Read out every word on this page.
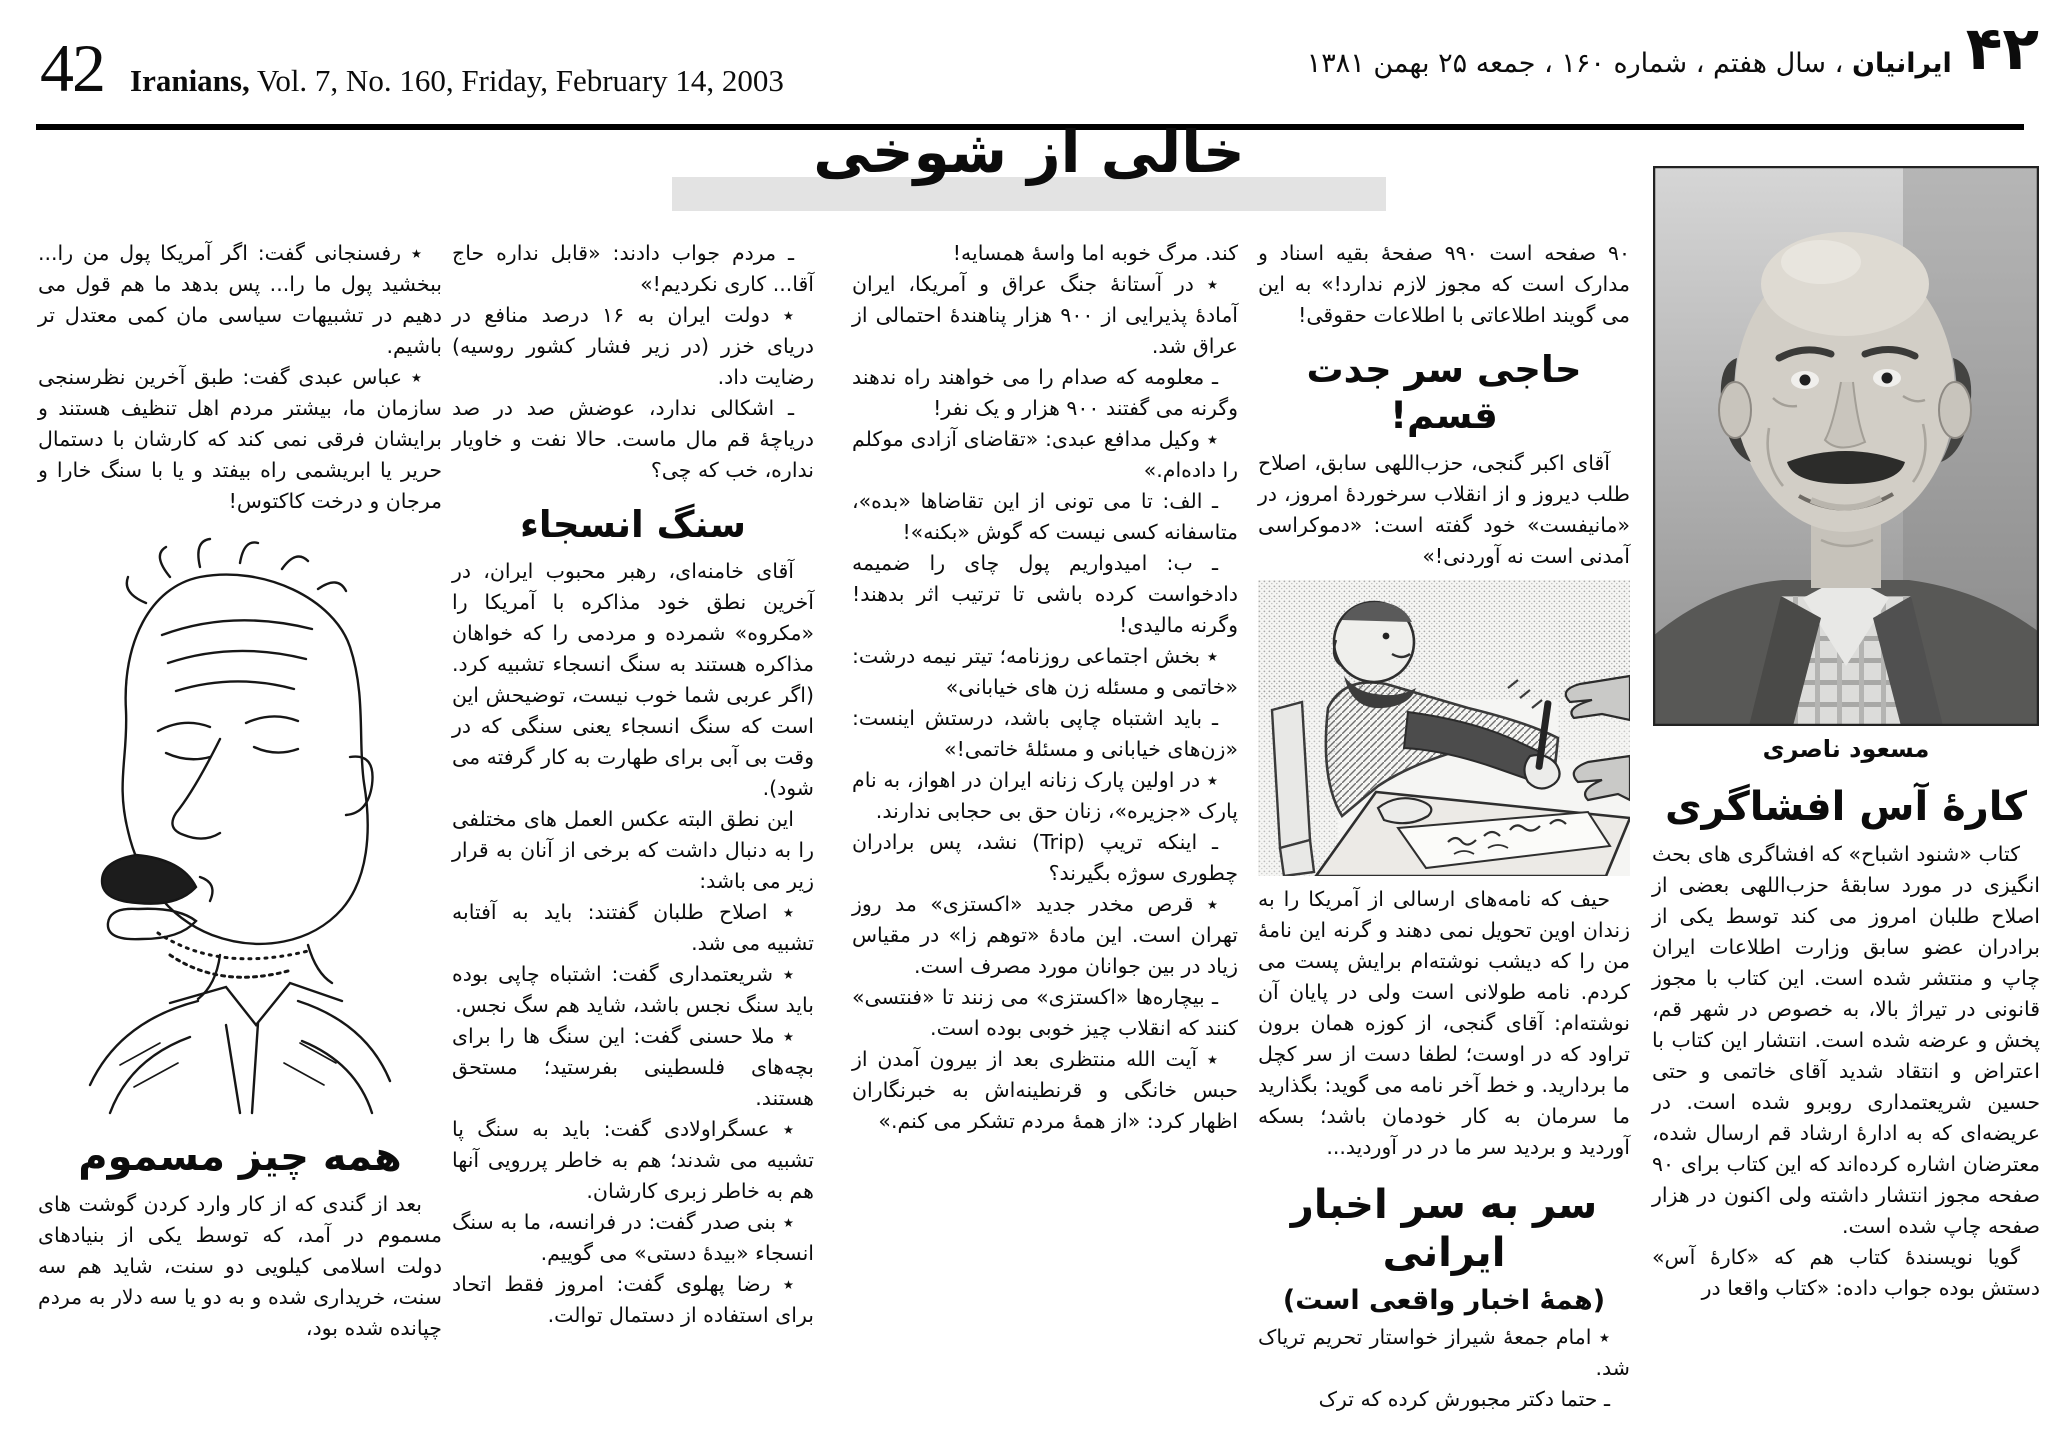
42 Iranians, Vol. 7, No. 160, Friday, February 14, 2003	۴۲
ایرانیان ، سال هفتم ، شماره ۱۶۰ ، جمعه ۲۵ بهمن ۱۳۸۱
خالی از شوخی

٭ رفسنجانی گفت: اگر آمریکا پول من را... ببخشید پول ما را... پس بدهد ما هم قول می دهیم در تشبیهات سیاسی مان کمی معتدل تر باشیم.

٭ عباس عبدی گفت: طبق آخرین نظرسنجی سازمان ما، بیشتر مردم اهل تنظیف هستند و برایشان فرقی نمی کند که کارشان با دستمال حریر یا ابریشمی راه بیفتد و یا با سنگ خارا و مرجان و درخت کاکتوس!

همه چیز مسموم

بعد از گندی که از کار وارد کردن گوشت های مسموم در آمد، که توسط یکی از بنیادهای دولت اسلامی کیلویی دو سنت، شاید هم سه سنت، خریداری شده و به دو یا سه دلار به مردم چپانده شده بود،

ـ مردم جواب دادند: «قابل نداره حاج آقا... کاری نکردیم!»

٭ دولت ایران به ۱۶ درصد منافع در دریای خزر (در زیر فشار کشور روسیه) رضایت داد.

ـ اشکالی ندارد، عوضش صد در صد دریاچهٔ قم مال ماست. حالا نفت و خاویار نداره، خب که چی؟

سنگ انسجاء

آقای خامنه‌ای، رهبر محبوب ایران، در آخرین نطق خود مذاکره با آمریکا را «مکروه» شمرده و مردمی را که خواهان مذاکره هستند به سنگ انسجاء تشبیه کرد. (اگر عربی شما خوب نیست، توضیحش این است که سنگ انسجاء یعنی سنگی که در وقت بی آبی برای طهارت به کار گرفته می شود).

این نطق البته عکس العمل های مختلفی را به دنبال داشت که برخی از آنان به قرار زیر می باشد:

٭ اصلاح طلبان گفتند: باید به آفتابه تشبیه می شد.

٭ شریعتمداری گفت: اشتباه چاپی بوده باید سنگ نجس باشد، شاید هم سگ نجس.

٭ ملا حسنی گفت: این سنگ ها را برای بچه‌های فلسطینی بفرستید؛ مستحق هستند.

٭ عسگراولادی گفت: باید به سنگ پا تشبیه می شدند؛ هم به خاطر پررویی آنها هم به خاطر زبری کارشان.

٭ بنی صدر گفت: در فرانسه، ما به سنگ انسجاء «بیدهٔ دستی» می گوییم.

٭ رضا پهلوی گفت: امروز فقط اتحاد برای استفاده از دستمال توالت.

کند. مرگ خوبه اما واسهٔ همسایه!

٭ در آستانهٔ جنگ عراق و آمریکا، ایران آمادهٔ پذیرایی از ۹۰۰ هزار پناهندهٔ احتمالی از عراق شد.

ـ معلومه که صدام را می خواهند راه ندهند وگرنه می گفتند ۹۰۰ هزار و یک نفر!

٭ وکیل مدافع عبدی: «تقاضای آزادی موکلم را داده‌ام.»

ـ الف: تا می تونی از این تقاضاها «بده»، متاسفانه کسی نیست که گوش «بکنه»!

ـ ب: امیدواریم پول چای را ضمیمه دادخواست کرده باشی تا ترتیب اثر بدهند! وگرنه مالیدی!

٭ بخش اجتماعی روزنامه؛ تیتر نیمه درشت: «خاتمی و مسئله زن های خیابانی»

ـ باید اشتباه چاپی باشد، درستش اینست: «زن‌های خیابانی و مسئلهٔ خاتمی!»

٭ در اولین پارک زنانه ایران در اهواز، به نام پارک «جزیره»، زنان حق بی حجابی ندارند.

ـ اینکه تریپ (Trip) نشد، پس برادران چطوری سوژه بگیرند؟

٭ قرص مخدر جدید «اکستزی» مد روز تهران است. این مادهٔ «توهم زا» در مقیاس زیاد در بین جوانان مورد مصرف است.

ـ بیچاره‌ها «اکستزی» می زنند تا «فنتسی» کنند که انقلاب چیز خوبی بوده است.

٭ آیت الله منتظری بعد از بیرون آمدن از حبس خانگی و قرنطینه‌اش به خبرنگاران اظهار کرد: «از همهٔ مردم تشکر می کنم.»

۹۰ صفحه است ۹۹۰ صفحهٔ بقیه اسناد و مدارک است که مجوز لازم ندارد!» به این می گویند اطلاعاتی با اطلاعات حقوقی!

حاجی سر جدت قسم!

آقای اکبر گنجی، حزب‌اللهی سابق، اصلاح طلب دیروز و از انقلاب سرخوردهٔ امروز، در «مانیفست» خود گفته است: «دموکراسی آمدنی است نه آوردنی!»

حیف که نامه‌های ارسالی از آمریکا را به زندان اوین تحویل نمی دهند و گرنه این نامهٔ من را که دیشب نوشته‌ام برایش پست می کردم. نامه طولانی است ولی در پایان آن نوشته‌ام: آقای گنجی، از کوزه همان برون تراود که در اوست؛ لطفا دست از سر کچل ما بردارید. و خط آخر نامه می گوید: بگذارید ما سرمان به کار خودمان باشد؛ بسکه آوردید و بردید سر ما در در آوردید...

سر به سر اخبار ایرانی
(همهٔ اخبار واقعی است)

٭ امام جمعهٔ شیراز خواستار تحریم تریاک شد.

ـ حتما دکتر مجبورش کرده که ترک

مسعود ناصری
کارهٔ آس افشاگری

کتاب «شنود اشباح» که افشاگری های بحث انگیزی در مورد سابقهٔ حزب‌اللهی بعضی از اصلاح طلبان امروز می کند توسط یکی از برادران عضو سابق وزارت اطلاعات ایران چاپ و منتشر شده است. این کتاب با مجوز قانونی در تیراژ بالا، به خصوص در شهر قم، پخش و عرضه شده است. انتشار این کتاب با اعتراض و انتقاد شدید آقای خاتمی و حتی حسین شریعتمداری روبرو شده است. در عریضه‌ای که به ادارهٔ ارشاد قم ارسال شده، معترضان اشاره کرده‌اند که این کتاب برای ۹۰ صفحه مجوز انتشار داشته ولی اکنون در هزار صفحه چاپ شده است.

گویا نویسندهٔ کتاب هم که «کارهٔ آس» دستش بوده جواب داده: «کتاب واقعا در
